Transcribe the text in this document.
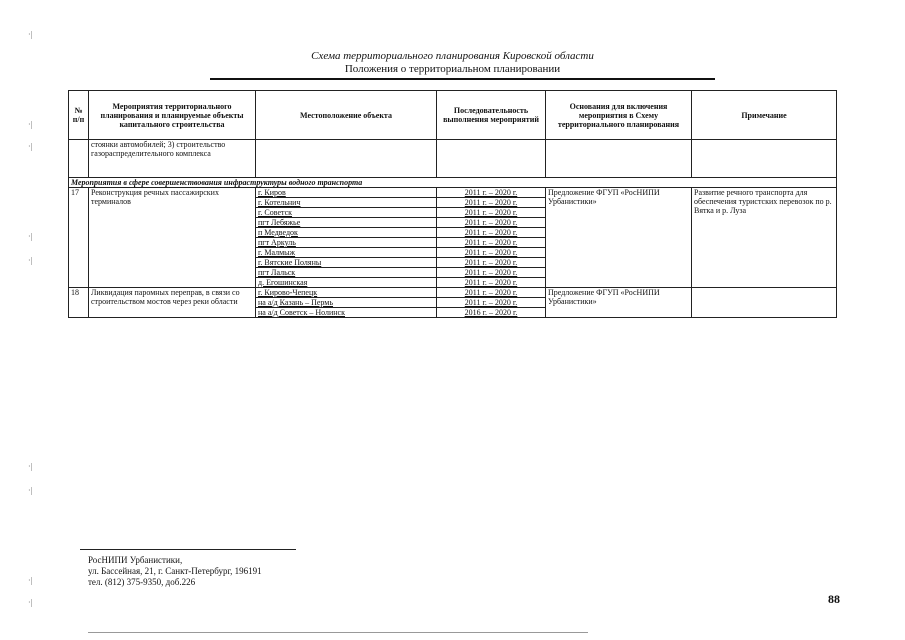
Схема территориального планирования Кировской области
Положения о территориальном планировании
№ п/п	Мероприятия территориального планирования и планируемые объекты капитального строительства	Местоположение объекта	Последовательность выполнения мероприятий	Основания для включения мероприятия в Схему территориального планирования	Примечание
	стоянки автомобилей; 3) строительство газораспределительного комплекса				
Мероприятия в сфере совершенствования инфраструктуры водного транспорта					
17	Реконструкция речных пассажирских терминалов	г. Киров	2011 г. – 2020 г.	Предложение ФГУП «РосНИПИ Урбанистики»	Развитие речного транспорта для обеспечения туристских перевозок по р. Вятка и р. Луза
		г. Котельнич	2011 г. – 2020 г.		
		г. Советск	2011 г. – 2020 г.		
		пгт Лебяжье	2011 г. – 2020 г.		
		п Медведок	2011 г. – 2020 г.		
		пгт Аркуль	2011 г. – 2020 г.		
		г. Малмыж	2011 г. – 2020 г.		
		г. Вятские Поляны	2011 г. – 2020 г.		
		пгт Лальск	2011 г. – 2020 г.		
		д. Егошинская	2011 г. – 2020 г.		
18	Ликвидация паромных переправ, в связи со строительством мостов через реки области	г. Кирово-Чепецк	2011 г. – 2020 г.	Предложение ФГУП «РосНИПИ Урбанистики»	
		на а/д Казань – Пермь	2011 г. – 2020 г.		
		на а/д Советск – Нолинск	2016 г. – 2020 г.		
РосНИПИ Урбанистики,
ул. Бассейная, 21, г. Санкт-Петербург, 196191
тел. (812) 375-9350, доб.226
88
·|
·|
·|
·|
·|
·|
·|
·|
·|
